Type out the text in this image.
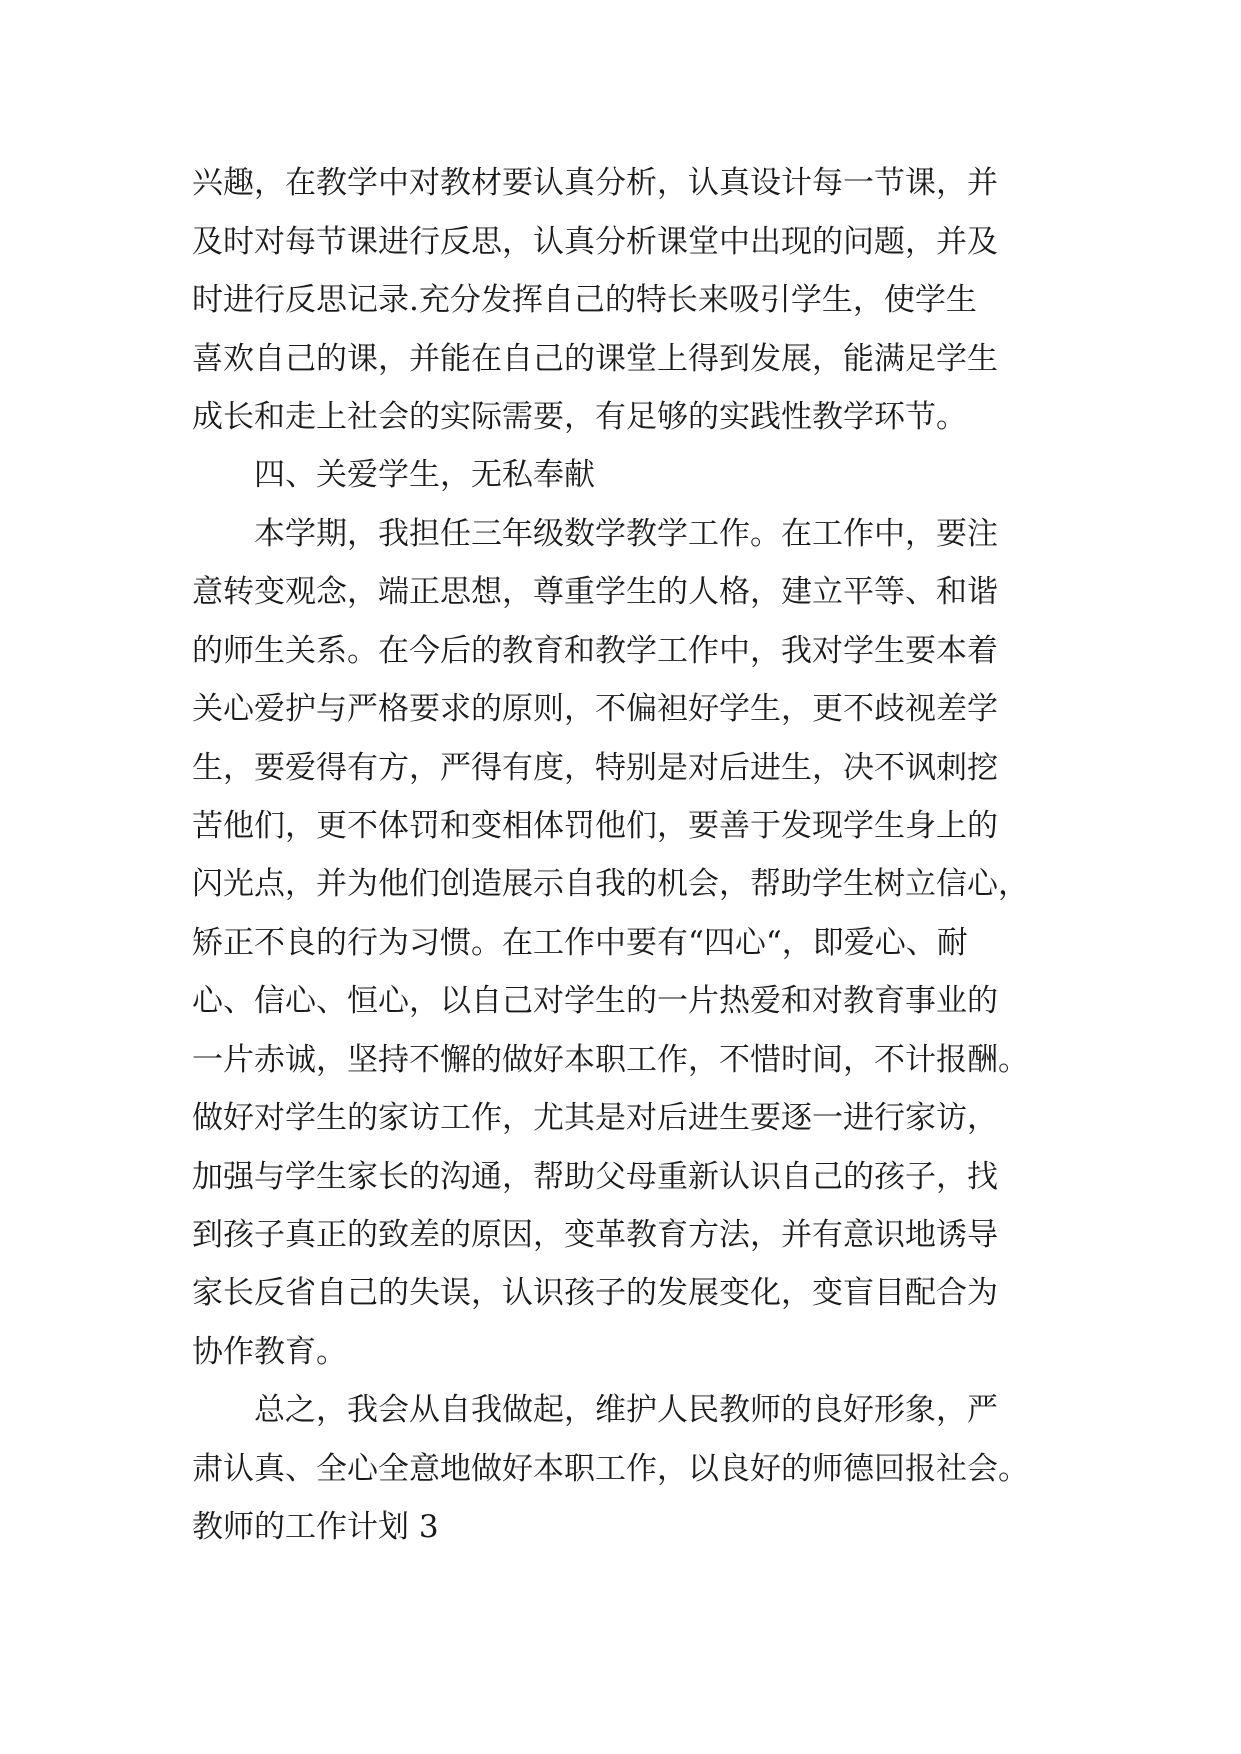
兴趣，在教学中对教材要认真分析，认真设计每一节课，并

及时对每节课进行反思，认真分析课堂中出现的问题，并及

时进行反思记录.充分发挥自己的特长来吸引学生，使学生

喜欢自己的课，并能在自己的课堂上得到发展，能满足学生

成长和走上社会的实际需要，有足够的实践性教学环节。

四、关爱学生，无私奉献

本学期，我担任三年级数学教学工作。在工作中，要注

意转变观念，端正思想，尊重学生的人格，建立平等、和谐

的师生关系。在今后的教育和教学工作中，我对学生要本着

关心爱护与严格要求的原则，不偏袒好学生，更不歧视差学

生，要爱得有方，严得有度，特别是对后进生，决不讽刺挖

苦他们，更不体罚和变相体罚他们，要善于发现学生身上的

闪光点，并为他们创造展示自我的机会，帮助学生树立信心，

矫正不良的行为习惯。在工作中要有“四心“，即爱心、耐

心、信心、恒心，以自己对学生的一片热爱和对教育事业的

一片赤诚，坚持不懈的做好本职工作，不惜时间，不计报酬。

做好对学生的家访工作，尤其是对后进生要逐一进行家访，

加强与学生家长的沟通，帮助父母重新认识自己的孩子，找

到孩子真正的致差的原因，变革教育方法，并有意识地诱导

家长反省自己的失误，认识孩子的发展变化，变盲目配合为

协作教育。

总之，我会从自我做起，维护人民教师的良好形象，严

肃认真、全心全意地做好本职工作，以良好的师德回报社会。

教师的工作计划 3
